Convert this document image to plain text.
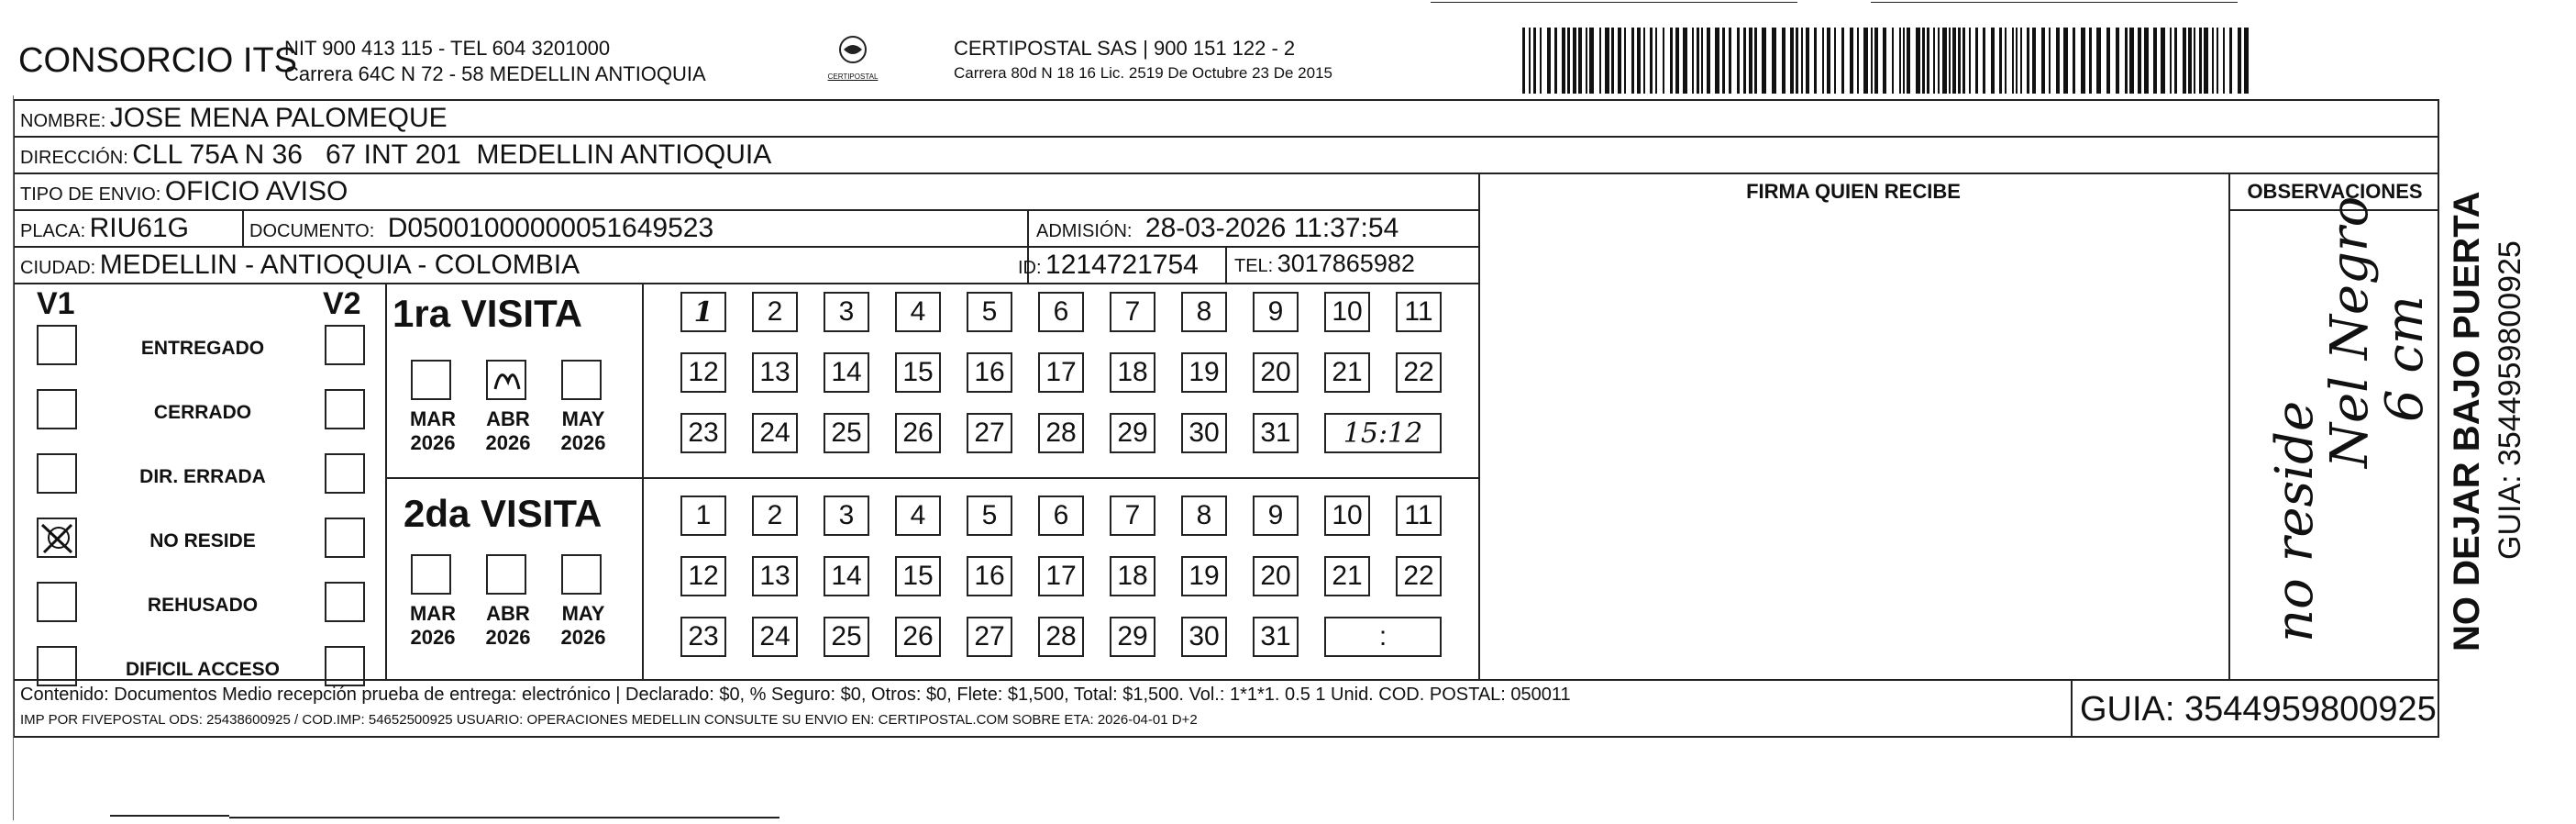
CONSORCIO ITS
NIT 900 413 115 - TEL 604 3201000
Carrera 64C N 72 - 58 MEDELLIN ANTIOQUIA	CERTIPOSTAL
CERTIPOSTAL SAS | 900 151 122 - 2
Carrera 80d N 18 16 Lic. 2519 De Octubre 23 De 2015
NOMBRE: JOSE MENA PALOMEQUE
DIRECCIÓN: CLL 75A N 36   67 INT 201  MEDELLIN ANTIOQUIA
TIPO DE ENVIO: OFICIO AVISO
PLACA: RIU61G	DOCUMENTO: D05001000000051649523	ADMISIÓN: 28-03-2026 11:37:54
CIUDAD: MEDELLIN - ANTIOQUIA - COLOMBIA	ID: 1214721754 TEL: 3017865982
FIRMA QUIEN RECIBE	OBSERVACIONES
no reside
Nel Negro
6 cm
V1	V2
ENTREGADO
CERRADO
DIR. ERRADA
NO RESIDE
REHUSADO
DIFICIL ACCESO
1ra VISITA
2da VISITA
MAR
2026
ABR
2026
MAY
2026
MAR
2026
ABR
2026
MAY
2026
1 2 3 4 5 6 7 8 9 10 11
12 13 14 15 16 17 18 19 20 21 22
23 24 25 26 27 28 29 30 31 15:12
1 2 3 4 5 6 7 8 9 10 11
12 13 14 15 16 17 18 19 20 21 22
23 24 25 26 27 28 29 30 31	:
Contenido: Documentos Medio recepción prueba de entrega: electrónico | Declarado: $0, % Seguro: $0, Otros: $0, Flete: $1,500, Total: $1,500. Vol.: 1*1*1. 0.5 1 Unid. COD. POSTAL: 050011
IMP POR FIVEPOSTAL ODS: 25438600925 / COD.IMP: 54652500925 USUARIO: OPERACIONES MEDELLIN CONSULTE SU ENVIO EN: CERTIPOSTAL.COM SOBRE ETA: 2026-04-01 D+2	GUIA: 3544959800925
NO DEJAR BAJO PUERTA GUIA: 3544959800925
